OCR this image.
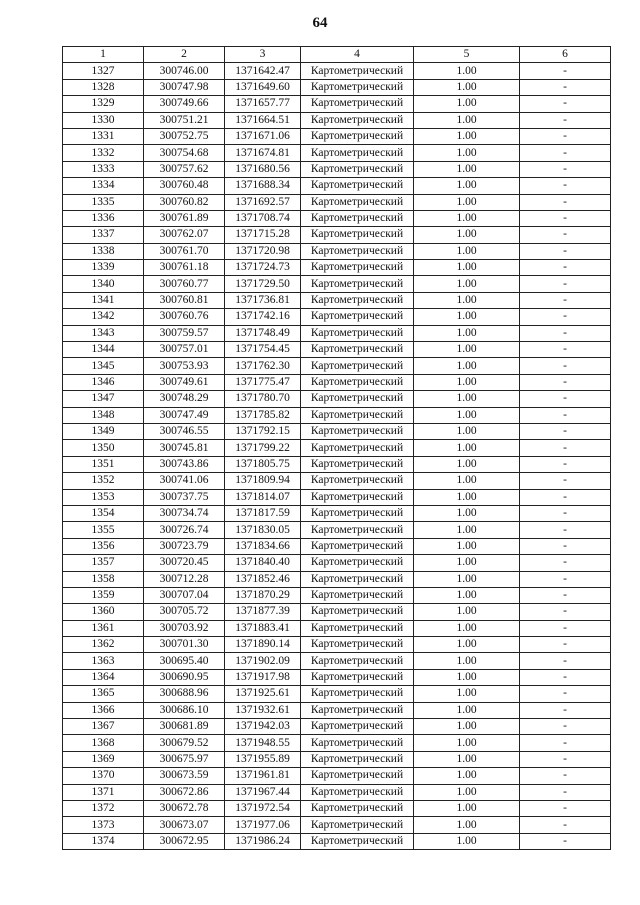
64
1	2	3	4	5	6
1327	300746.00	1371642.47	Картометрический	1.00	-
1328	300747.98	1371649.60	Картометрический	1.00	-
1329	300749.66	1371657.77	Картометрический	1.00	-
1330	300751.21	1371664.51	Картометрический	1.00	-
1331	300752.75	1371671.06	Картометрический	1.00	-
1332	300754.68	1371674.81	Картометрический	1.00	-
1333	300757.62	1371680.56	Картометрический	1.00	-
1334	300760.48	1371688.34	Картометрический	1.00	-
1335	300760.82	1371692.57	Картометрический	1.00	-
1336	300761.89	1371708.74	Картометрический	1.00	-
1337	300762.07	1371715.28	Картометрический	1.00	-
1338	300761.70	1371720.98	Картометрический	1.00	-
1339	300761.18	1371724.73	Картометрический	1.00	-
1340	300760.77	1371729.50	Картометрический	1.00	-
1341	300760.81	1371736.81	Картометрический	1.00	-
1342	300760.76	1371742.16	Картометрический	1.00	-
1343	300759.57	1371748.49	Картометрический	1.00	-
1344	300757.01	1371754.45	Картометрический	1.00	-
1345	300753.93	1371762.30	Картометрический	1.00	-
1346	300749.61	1371775.47	Картометрический	1.00	-
1347	300748.29	1371780.70	Картометрический	1.00	-
1348	300747.49	1371785.82	Картометрический	1.00	-
1349	300746.55	1371792.15	Картометрический	1.00	-
1350	300745.81	1371799.22	Картометрический	1.00	-
1351	300743.86	1371805.75	Картометрический	1.00	-
1352	300741.06	1371809.94	Картометрический	1.00	-
1353	300737.75	1371814.07	Картометрический	1.00	-
1354	300734.74	1371817.59	Картометрический	1.00	-
1355	300726.74	1371830.05	Картометрический	1.00	-
1356	300723.79	1371834.66	Картометрический	1.00	-
1357	300720.45	1371840.40	Картометрический	1.00	-
1358	300712.28	1371852.46	Картометрический	1.00	-
1359	300707.04	1371870.29	Картометрический	1.00	-
1360	300705.72	1371877.39	Картометрический	1.00	-
1361	300703.92	1371883.41	Картометрический	1.00	-
1362	300701.30	1371890.14	Картометрический	1.00	-
1363	300695.40	1371902.09	Картометрический	1.00	-
1364	300690.95	1371917.98	Картометрический	1.00	-
1365	300688.96	1371925.61	Картометрический	1.00	-
1366	300686.10	1371932.61	Картометрический	1.00	-
1367	300681.89	1371942.03	Картометрический	1.00	-
1368	300679.52	1371948.55	Картометрический	1.00	-
1369	300675.97	1371955.89	Картометрический	1.00	-
1370	300673.59	1371961.81	Картометрический	1.00	-
1371	300672.86	1371967.44	Картометрический	1.00	-
1372	300672.78	1371972.54	Картометрический	1.00	-
1373	300673.07	1371977.06	Картометрический	1.00	-
1374	300672.95	1371986.24	Картометрический	1.00	-
